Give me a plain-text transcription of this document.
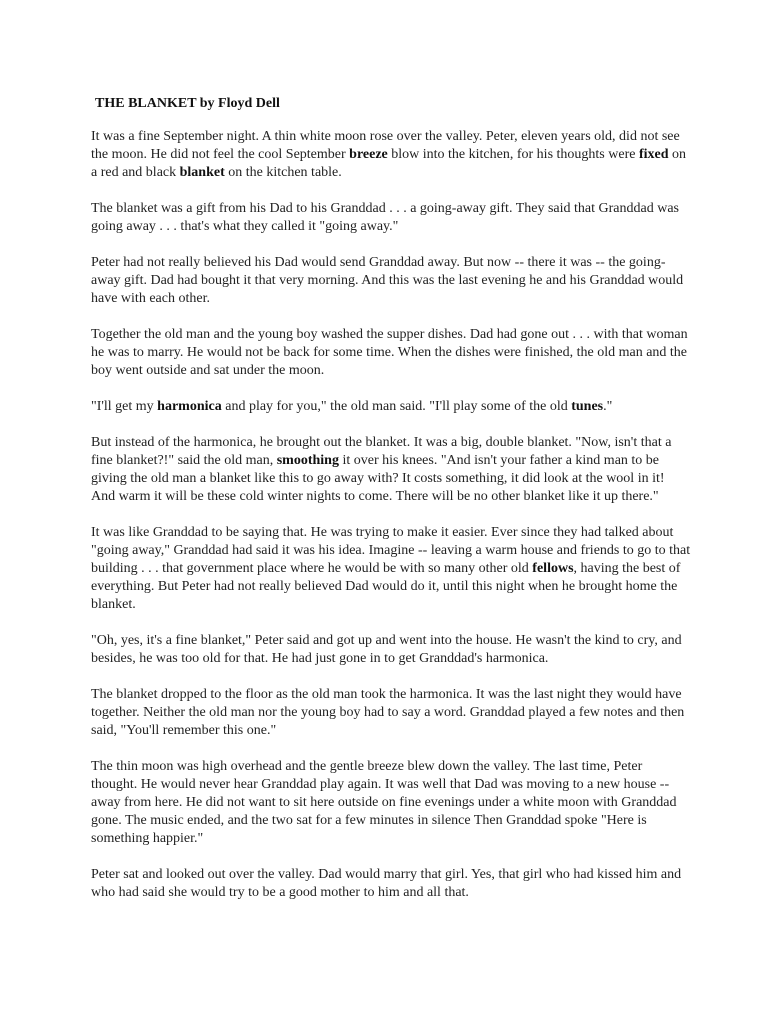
THE BLANKET by Floyd Dell

It was a fine September night. A thin white moon rose over the valley. Peter, eleven years old, did not see the moon. He did not feel the cool September breeze blow into the kitchen, for his thoughts were fixed on a red and black blanket on the kitchen table.

The blanket was a gift from his Dad to his Granddad . . . a going-away gift. They said that Granddad was going away . . . that's what they called it "going away."

Peter had not really believed his Dad would send Granddad away. But now -- there it was -- the going-away gift. Dad had bought it that very morning. And this was the last evening he and his Granddad would have with each other.

Together the old man and the young boy washed the supper dishes. Dad had gone out . . . with that woman he was to marry. He would not be back for some time. When the dishes were finished, the old man and the boy went outside and sat under the moon.

"I'll get my harmonica and play for you," the old man said. "I'll play some of the old tunes."

But instead of the harmonica, he brought out the blanket. It was a big, double blanket. "Now, isn't that a fine blanket?!" said the old man, smoothing it over his knees. "And isn't your father a kind man to be giving the old man a blanket like this to go away with? It costs something, it did look at the wool in it! And warm it will be these cold winter nights to come. There will be no other blanket like it up there."

It was like Granddad to be saying that. He was trying to make it easier. Ever since they had talked about "going away," Granddad had said it was his idea. Imagine -- leaving a warm house and friends to go to that building . . . that government place where he would be with so many other old fellows, having the best of everything. But Peter had not really believed Dad would do it, until this night when he brought home the blanket.

"Oh, yes, it's a fine blanket," Peter said and got up and went into the house. He wasn't the kind to cry, and besides, he was too old for that. He had just gone in to get Granddad's harmonica.

The blanket dropped to the floor as the old man took the harmonica. It was the last night they would have together. Neither the old man nor the young boy had to say a word. Granddad played a few notes and then said, "You'll remember this one."

The thin moon was high overhead and the gentle breeze blew down the valley. The last time, Peter thought. He would never hear Granddad play again. It was well that Dad was moving to a new house -- away from here. He did not want to sit here outside on fine evenings under a white moon with Granddad gone. The music ended, and the two sat for a few minutes in silence Then Granddad spoke "Here is something happier."

Peter sat and looked out over the valley. Dad would marry that girl. Yes, that girl who had kissed him and who had said she would try to be a good mother to him and all that.
